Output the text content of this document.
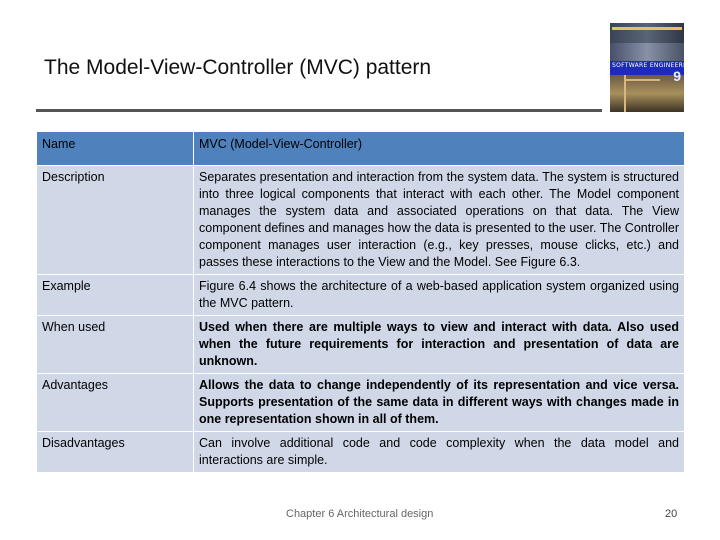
The Model-View-Controller (MVC) pattern	SOFTWARE ENGINEERING
9
Name	MVC (Model-View-Controller)
Description	Separates presentation and interaction from the system data. The system is structured into three logical components that interact with each other. The Model component manages the system data and associated operations on that data. The View component defines and manages how the data is presented to the user. The Controller component manages user interaction (e.g., key presses, mouse clicks, etc.) and passes these interactions to the View and the Model. See Figure 6.3.
Example	Figure 6.4 shows the architecture of a web-based application system organized using the MVC pattern.
When used	Used when there are multiple ways to view and interact with data. Also used when the future requirements for interaction and presentation of data are unknown.
Advantages	Allows the data to change independently of its representation and vice versa. Supports presentation of the same data in different ways with changes made in one representation shown in all of them.
Disadvantages	Can involve additional code and code complexity when the data model and interactions are simple.
Chapter 6 Architectural design	20
